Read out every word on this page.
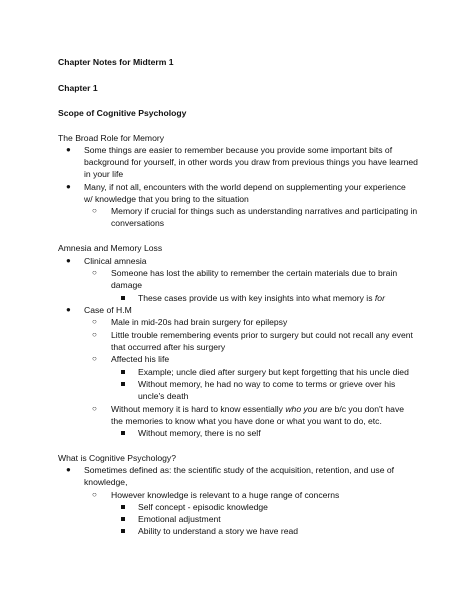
Chapter Notes for Midterm 1
Chapter 1
Scope of Cognitive Psychology
The Broad Role for Memory
● Some things are easier to remember because you provide some important bits of
background for yourself, in other words you draw from previous things you have learned
in your life
● Many, if not all, encounters with the world depend on supplementing your experience
w/ knowledge that you bring to the situation
○ Memory if crucial for things such as understanding narratives and participating in
conversations
Amnesia and Memory Loss
● Clinical amnesia
○ Someone has lost the ability to remember the certain materials due to brain
damage
These cases provide us with key insights into what memory is for
● Case of H.M
○ Male in mid-20s had brain surgery for epilepsy
○ Little trouble remembering events prior to surgery but could not recall any event
that occurred after his surgery
○ Affected his life
Example; uncle died after surgery but kept forgetting that his uncle died
Without memory, he had no way to come to terms or grieve over his
uncle's death
○ Without memory it is hard to know essentially who you are b/c you don't have
the memories to know what you have done or what you want to do, etc.
Without memory, there is no self
What is Cognitive Psychology?
● Sometimes defined as: the scientific study of the acquisition, retention, and use of
knowledge,
○ However knowledge is relevant to a huge range of concerns
Self concept - episodic knowledge
Emotional adjustment
Ability to understand a story we have read
